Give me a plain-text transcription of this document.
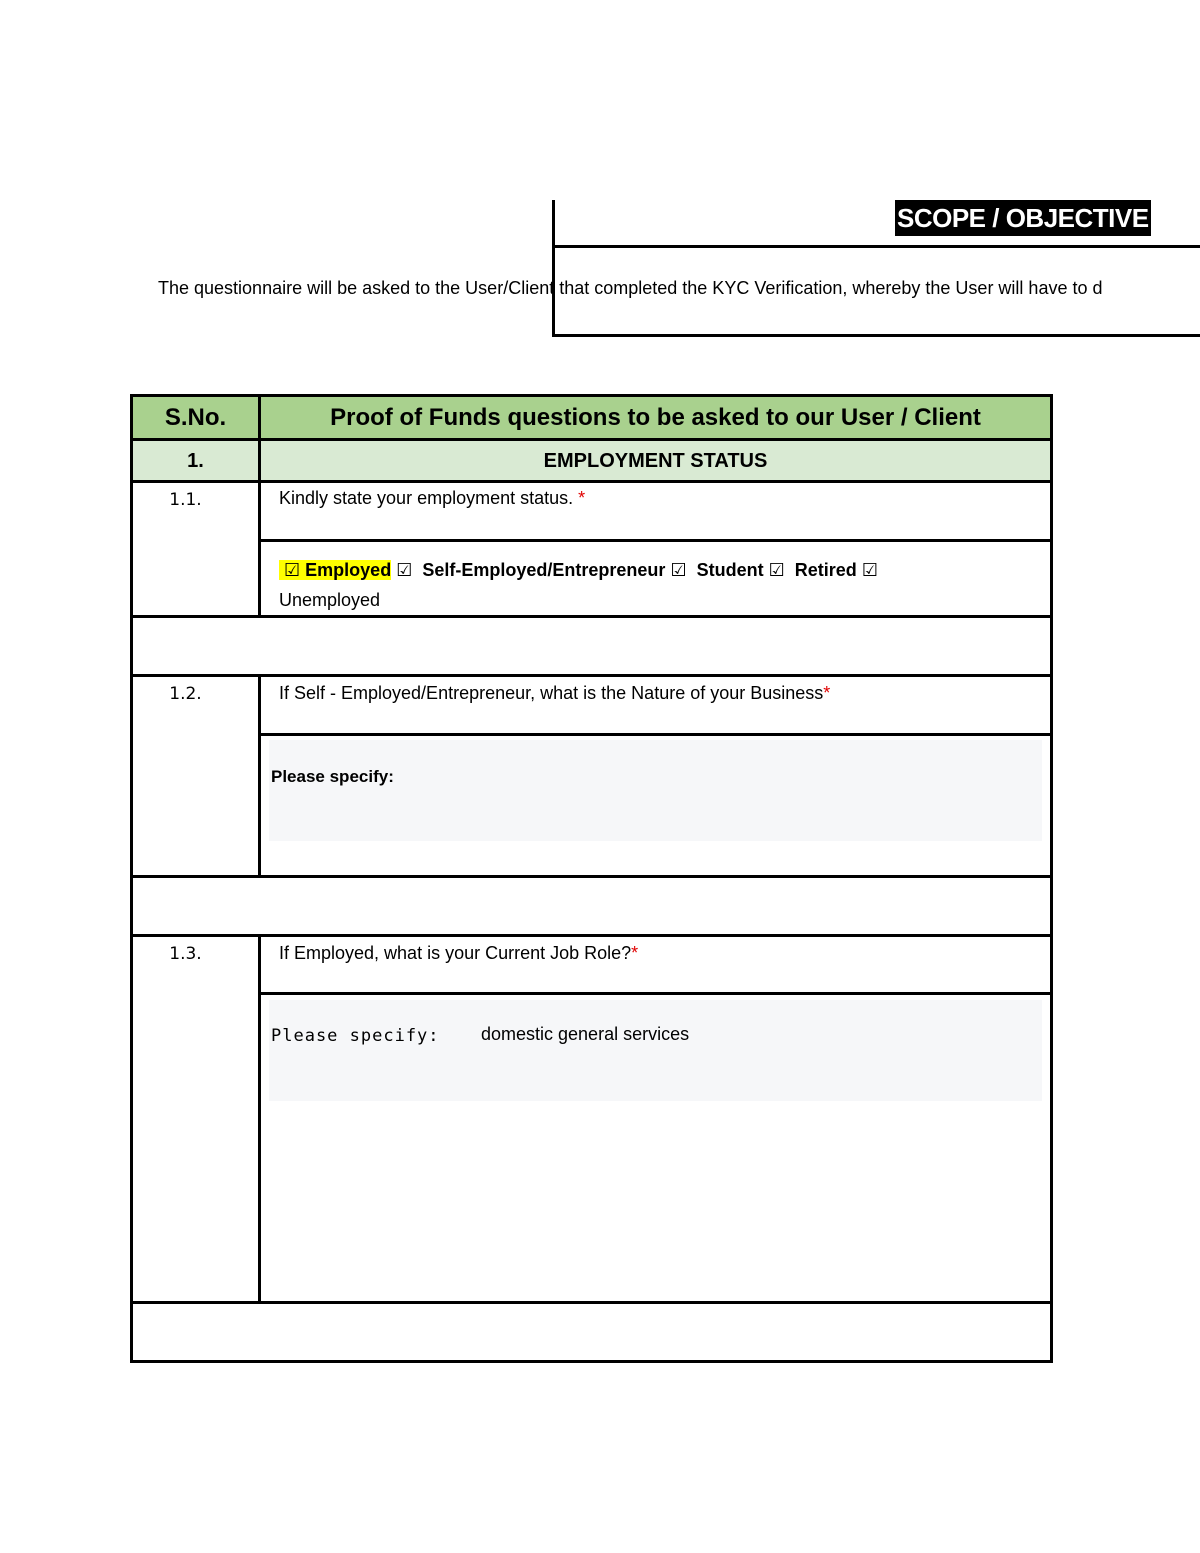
SCOPE / OBJECTIVE
The questionnaire will be asked to the User/Client that completed the KYC Verification, whereby the User will have to d
S.No.	Proof of Funds questions to be asked to our User / Client
1.	EMPLOYMENT STATUS
1.1.	Kindly state your employment status. *
☑ Employed ☑ Self-Employed/Entrepreneur ☑ Student ☑ Retired ☑
Unemployed
1.2.	If Self - Employed/Entrepreneur, what is the Nature of your Business*
Please specify:
1.3.	If Employed, what is your Current Job Role?*
Please specify: domestic general services
